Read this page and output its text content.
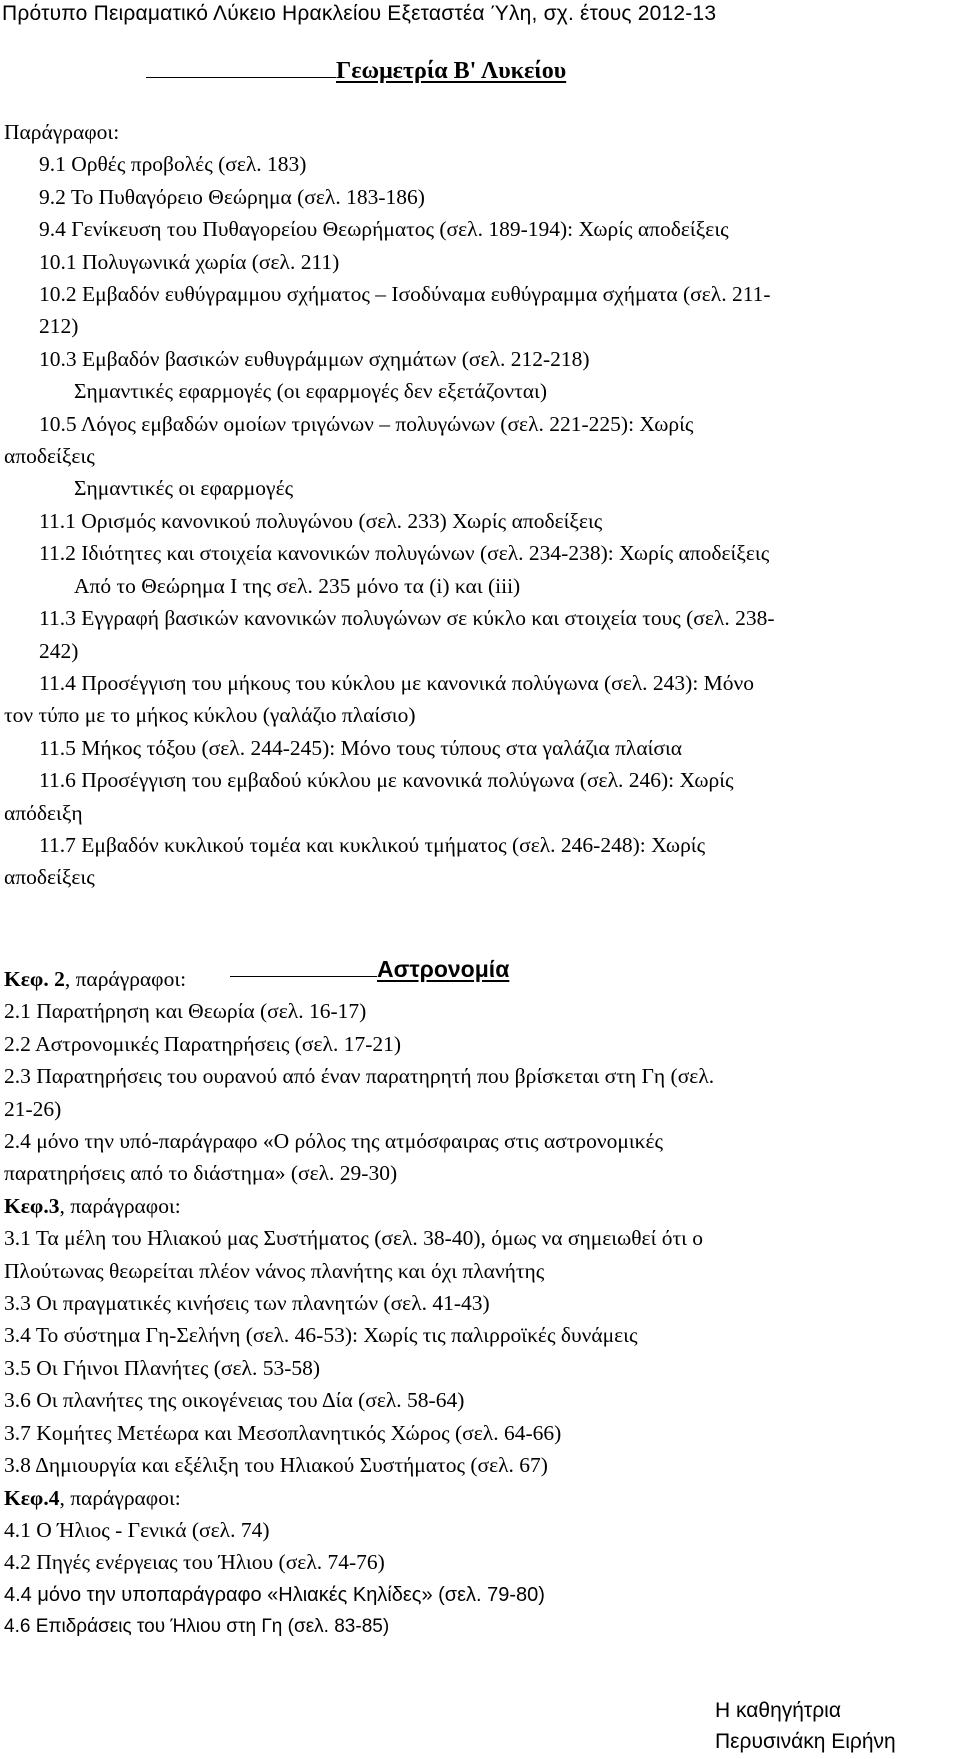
Πρότυπο Πειραματικό Λύκειο Ηρακλείου Εξεταστέα Ύλη, σχ. έτους 2012-13
Γεωμετρία Β' Λυκείου
Παράγραφοι:
9.1 Ορθές προβολές (σελ. 183)
9.2 Το Πυθαγόρειο Θεώρημα (σελ. 183-186)
9.4 Γενίκευση του Πυθαγορείου Θεωρήματος (σελ. 189-194): Χωρίς αποδείξεις
10.1 Πολυγωνικά χωρία (σελ. 211)
10.2 Εμβαδόν ευθύγραμμου σχήματος – Ισοδύναμα ευθύγραμμα σχήματα (σελ. 211-
212)
10.3 Εμβαδόν βασικών ευθυγράμμων σχημάτων (σελ. 212-218)
Σημαντικές εφαρμογές (οι εφαρμογές δεν εξετάζονται)
10.5 Λόγος εμβαδών ομοίων τριγώνων – πολυγώνων (σελ. 221-225): Χωρίς
αποδείξεις
Σημαντικές οι εφαρμογές
11.1 Ορισμός κανονικού πολυγώνου (σελ. 233) Χωρίς αποδείξεις
11.2 Ιδιότητες και στοιχεία κανονικών πολυγώνων (σελ. 234-238): Χωρίς αποδείξεις
Από το Θεώρημα Ι της σελ. 235 μόνο τα (i) και (iii)
11.3 Εγγραφή βασικών κανονικών πολυγώνων σε κύκλο και στοιχεία τους (σελ. 238-
242)
11.4 Προσέγγιση του μήκους του κύκλου με κανονικά πολύγωνα (σελ. 243): Μόνο
τον τύπο με το μήκος κύκλου (γαλάζιο πλαίσιο)
11.5 Μήκος τόξου (σελ. 244-245): Μόνο τους τύπους στα γαλάζια πλαίσια
11.6 Προσέγγιση του εμβαδού κύκλου με κανονικά πολύγωνα (σελ. 246): Χωρίς
απόδειξη
11.7 Εμβαδόν κυκλικού τομέα και κυκλικού τμήματος (σελ. 246-248): Χωρίς
αποδείξεις
Αστρονομία
Κεφ. 2, παράγραφοι:
2.1 Παρατήρηση και Θεωρία (σελ. 16-17)
2.2 Αστρονομικές Παρατηρήσεις (σελ. 17-21)
2.3 Παρατηρήσεις του ουρανού από έναν παρατηρητή που βρίσκεται στη Γη (σελ.
21-26)
2.4 μόνο την υπό-παράγραφο «Ο ρόλος της ατμόσφαιρας στις αστρονομικές
παρατηρήσεις από το διάστημα» (σελ. 29-30)
Κεφ.3, παράγραφοι:
3.1 Τα μέλη του Ηλιακού μας Συστήματος (σελ. 38-40), όμως να σημειωθεί ότι ο
Πλούτωνας θεωρείται πλέον νάνος πλανήτης και όχι πλανήτης
3.3 Οι πραγματικές κινήσεις των πλανητών (σελ. 41-43)
3.4 Το σύστημα Γη-Σελήνη (σελ. 46-53): Χωρίς τις παλιρροϊκές δυνάμεις
3.5 Οι Γήινοι Πλανήτες (σελ. 53-58)
3.6 Οι πλανήτες της οικογένειας του Δία (σελ. 58-64)
3.7 Κομήτες Μετέωρα και Μεσοπλανητικός Χώρος (σελ. 64-66)
3.8 Δημιουργία και εξέλιξη του Ηλιακού Συστήματος (σελ. 67)
Κεφ.4, παράγραφοι:
4.1 Ο Ήλιος - Γενικά (σελ. 74)
4.2 Πηγές ενέργειας του Ήλιου (σελ. 74-76)
4.4 μόνο την υποπαράγραφο «Ηλιακές Κηλίδες» (σελ. 79-80)
4.6 Επιδράσεις του Ήλιου στη Γη (σελ. 83-85)
Η καθηγήτρια
Περυσινάκη Ειρήνη
